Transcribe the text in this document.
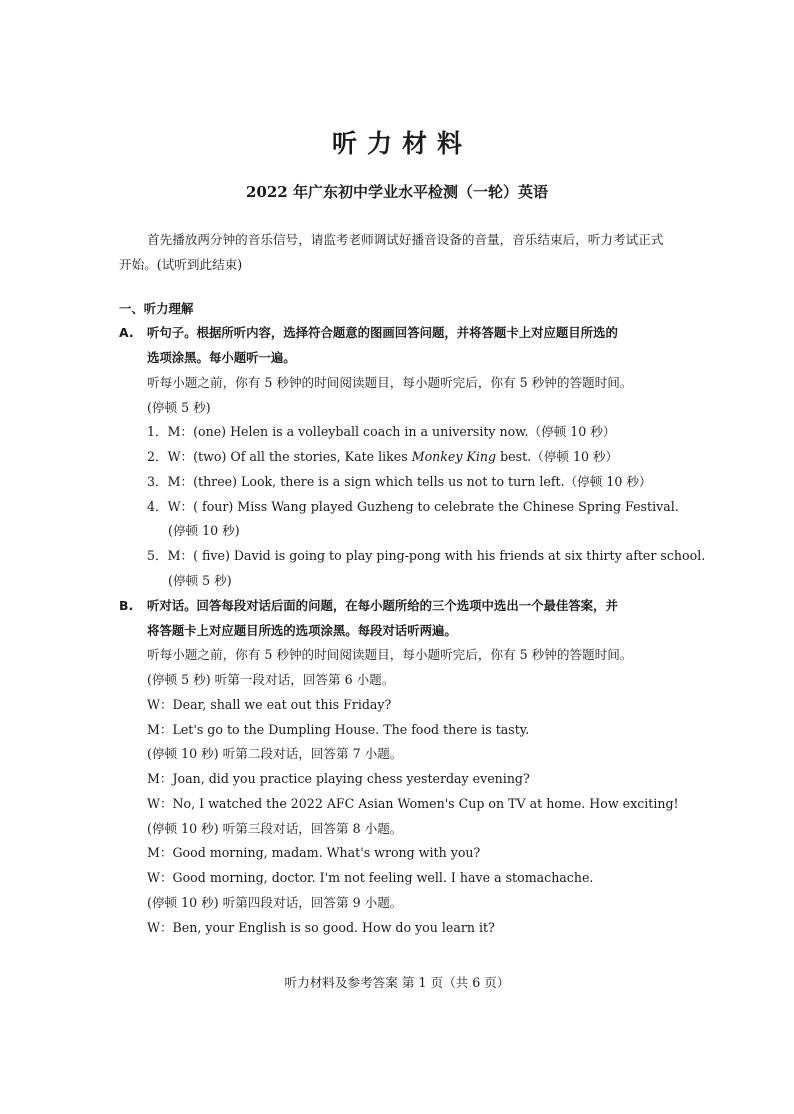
听力材料
2022 年广东初中学业水平检测（一轮）英语

首先播放两分钟的音乐信号，请监考老师调试好播音设备的音量，音乐结束后，听力考试正式开始。(试听到此结束)

一、听力理解
A. 听句子。根据所听内容，选择符合题意的图画回答问题，并将答题卡上对应题目所选的
选项涂黑。每小题听一遍。
听每小题之前，你有 5 秒钟的时间阅读题目，每小题听完后，你有 5 秒钟的答题时间。
(停顿 5 秒)
1．M：(one) Helen is a volleyball coach in a university now.（停顿 10 秒）
2．W：(two) Of all the stories, Kate likes Monkey King best.（停顿 10 秒）
3．M：(three) Look, there is a sign which tells us not to turn left.（停顿 10 秒）
4．W：( four) Miss Wang played Guzheng to celebrate the Chinese Spring Festival.
(停顿 10 秒)
5．M：( five) David is going to play ping-pong with his friends at six thirty after school.
(停顿 5 秒)
B. 听对话。回答每段对话后面的问题，在每小题所给的三个选项中选出一个最佳答案，并
将答题卡上对应题目所选的选项涂黑。每段对话听两遍。
听每小题之前，你有 5 秒钟的时间阅读题目，每小题听完后，你有 5 秒钟的答题时间。
(停顿 5 秒) 听第一段对话，回答第 6 小题。
W：Dear, shall we eat out this Friday?
M：Let's go to the Dumpling House. The food there is tasty.
(停顿 10 秒) 听第二段对话，回答第 7 小题。
M：Joan, did you practice playing chess yesterday evening?
W：No, I watched the 2022 AFC Asian Women's Cup on TV at home. How exciting!
(停顿 10 秒) 听第三段对话，回答第 8 小题。
M：Good morning, madam. What's wrong with you?
W：Good morning, doctor. I'm not feeling well. I have a stomachache.
(停顿 10 秒) 听第四段对话，回答第 9 小题。
W：Ben, your English is so good. How do you learn it?
听力材料及参考答案 第 1 页（共 6 页）
